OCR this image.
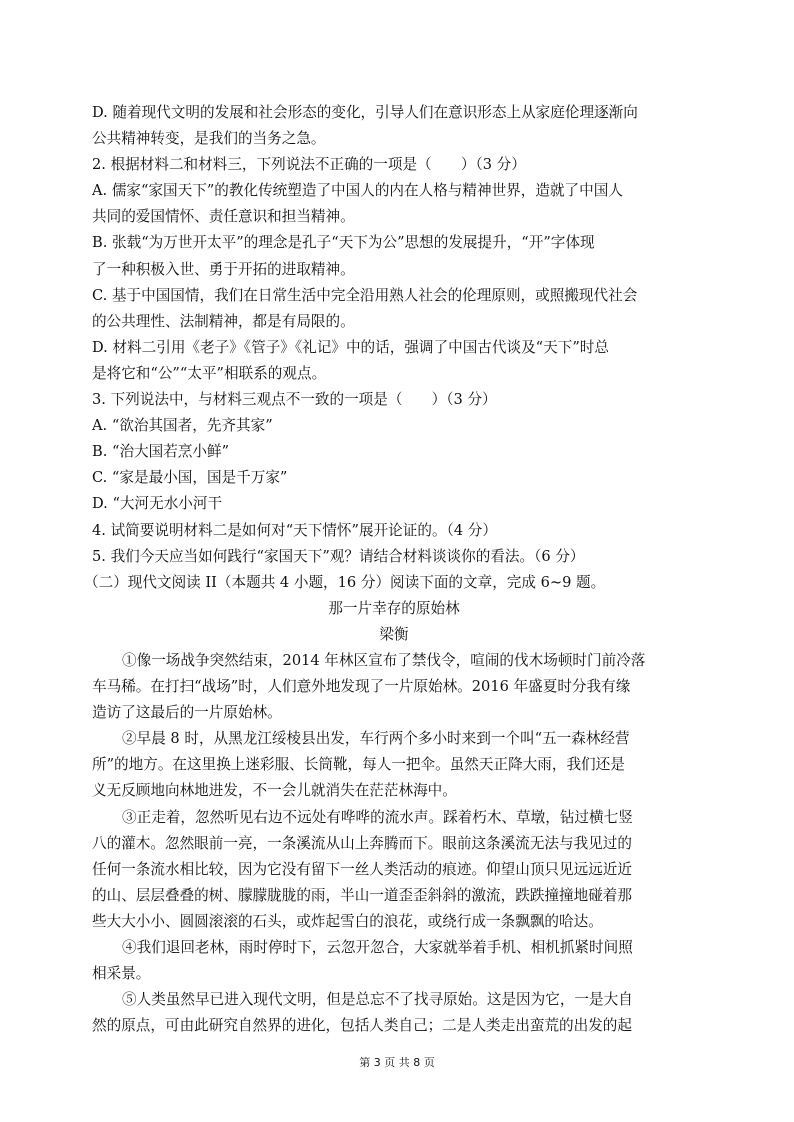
D. 随着现代文明的发展和社会形态的变化，引导人们在意识形态上从家庭伦理逐渐向
公共精神转变，是我们的当务之急。
2. 根据材料二和材料三，下列说法不正确的一项是（　　）（3 分）
A. 儒家“家国天下”的教化传统塑造了中国人的内在人格与精神世界，造就了中国人
共同的爱国情怀、责任意识和担当精神。
B. 张载“为万世开太平”的理念是孔子“天下为公”思想的发展提升，“开”字体现
了一种积极入世、勇于开拓的进取精神。
C. 基于中国国情，我们在日常生活中完全沿用熟人社会的伦理原则，或照搬现代社会
的公共理性、法制精神，都是有局限的。
D. 材料二引用《老子》《管子》《礼记》中的话，强调了中国古代谈及“天下”时总
是将它和“公”“太平”相联系的观点。
3. 下列说法中，与材料三观点不一致的一项是（　　）（3 分）
A. “欲治其国者，先齐其家”
B. “治大国若烹小鲜”
C. “家是最小国，国是千万家”
D. “大河无水小河干
4. 试简要说明材料二是如何对“天下情怀”展开论证的。（4 分）
5. 我们今天应当如何践行“家国天下”观？请结合材料谈谈你的看法。（6 分）
（二）现代文阅读 II（本题共 4 小题，16 分）阅读下面的文章，完成 6~9 题。
那一片幸存的原始林
梁衡
①像一场战争突然结束，2014 年林区宣布了禁伐令，喧闹的伐木场顿时门前冷落
车马稀。在打扫“战场”时，人们意外地发现了一片原始林。2016 年盛夏时分我有缘
造访了这最后的一片原始林。
②早晨 8 时，从黑龙江绥棱县出发，车行两个多小时来到一个叫“五一森林经营
所”的地方。在这里换上迷彩服、长筒靴，每人一把伞。虽然天正降大雨，我们还是
义无反顾地向林地进发，不一会儿就消失在茫茫林海中。
③正走着，忽然听见右边不远处有哗哗的流水声。踩着朽木、草墩，钻过横七竖
八的灌木。忽然眼前一亮，一条溪流从山上奔腾而下。眼前这条溪流无法与我见过的
任何一条流水相比较，因为它没有留下一丝人类活动的痕迹。仰望山顶只见远远近近
的山、层层叠叠的树、朦朦胧胧的雨，半山一道歪歪斜斜的激流，跌跌撞撞地碰着那
些大大小小、圆圆滚滚的石头，或炸起雪白的浪花，或绕行成一条飘飘的哈达。
④我们退回老林，雨时停时下，云忽开忽合，大家就举着手机、相机抓紧时间照
相采景。
⑤人类虽然早已进入现代文明，但是总忘不了找寻原始。这是因为它，一是大自
然的原点，可由此研究自然界的进化，包括人类自己；二是人类走出蛮荒的出发的起
第 3 页 共 8 页
